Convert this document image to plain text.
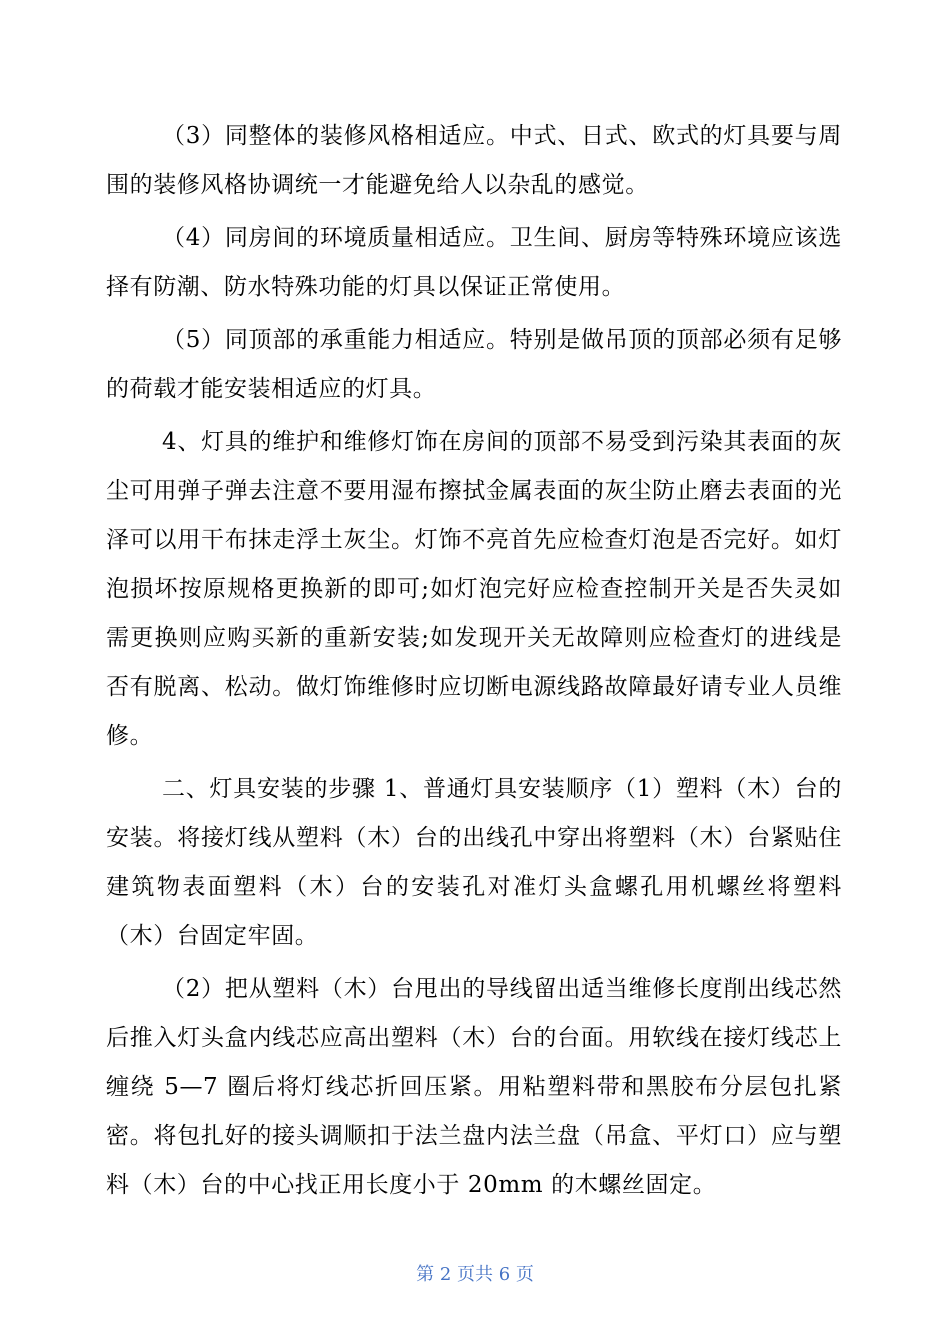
（3）同整体的装修风格相适应。中式、日式、欧式的灯具要与周围的装修风格协调统一才能避免给人以杂乱的感觉。

（4）同房间的环境质量相适应。卫生间、厨房等特殊环境应该选择有防潮、防水特殊功能的灯具以保证正常使用。

（5）同顶部的承重能力相适应。特别是做吊顶的顶部必须有足够的荷载才能安装相适应的灯具。

4、灯具的维护和维修灯饰在房间的顶部不易受到污染其表面的灰尘可用弹子弹去注意不要用湿布擦拭金属表面的灰尘防止磨去表面的光泽可以用干布抹走浮土灰尘。灯饰不亮首先应检查灯泡是否完好。如灯泡损坏按原规格更换新的即可;如灯泡完好应检查控制开关是否失灵如需更换则应购买新的重新安装;如发现开关无故障则应检查灯的进线是否有脱离、松动。做灯饰维修时应切断电源线路故障最好请专业人员维修。

二、灯具安装的步骤 1、普通灯具安装顺序（1）塑料（木）台的安装。将接灯线从塑料（木）台的出线孔中穿出将塑料（木）台紧贴住建筑物表面塑料（木）台的安装孔对准灯头盒螺孔用机螺丝将塑料（木）台固定牢固。

（2）把从塑料（木）台甩出的导线留出适当维修长度削出线芯然后推入灯头盒内线芯应高出塑料（木）台的台面。用软线在接灯线芯上缠绕 5—7 圈后将灯线芯折回压紧。用粘塑料带和黑胶布分层包扎紧密。将包扎好的接头调顺扣于法兰盘内法兰盘（吊盒、平灯口）应与塑料（木）台的中心找正用长度小于 20mm 的木螺丝固定。

第 2 页共 6 页
